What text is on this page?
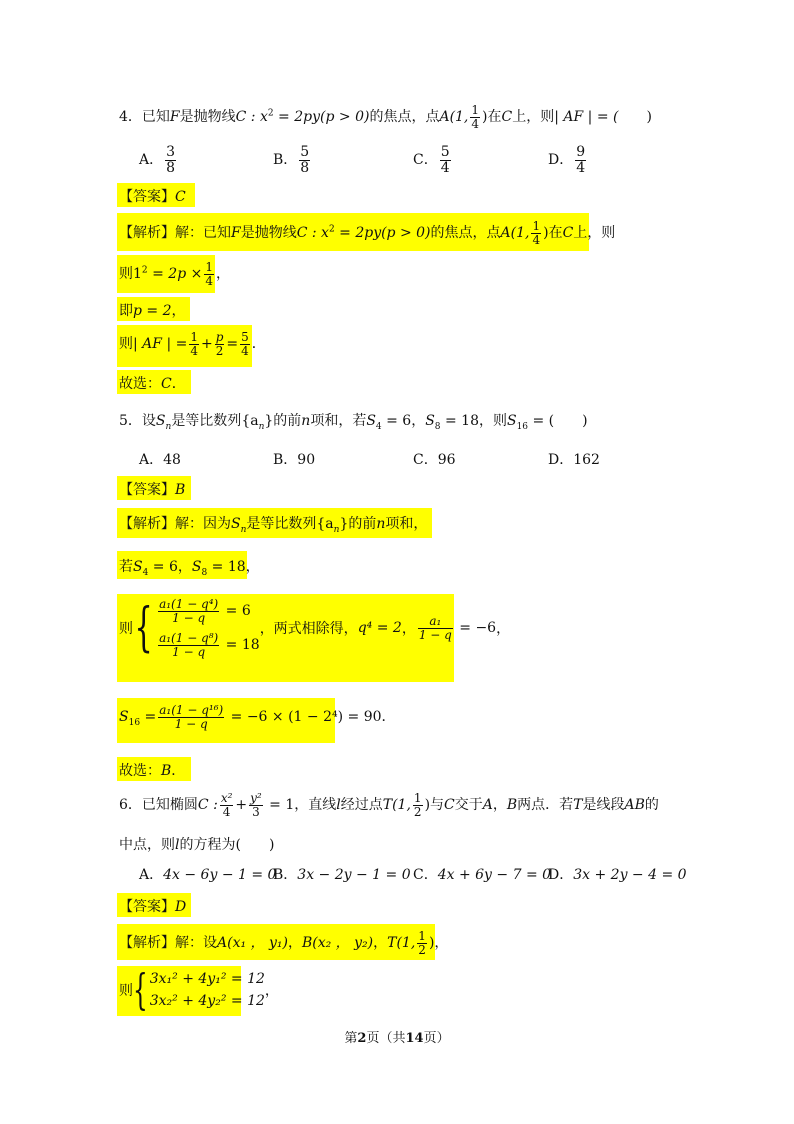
4．已知F是抛物线C : $x^2 = 2py(p > 0)$的焦点，点A(1, $\frac{1}{4}$ )在C上，则| AF | = (　　)
A． $\frac{3}{8}$	B． $\frac{5}{8}$	C． $\frac{5}{4}$	D． $\frac{9}{4}$
【答案】C
【解析】解：已知F是抛物线C : $x^2 = 2py(p > 0)$的焦点，点A(1, $\frac{1}{4}$ )在C上，则
则$1^2 = 2p \times \frac{1}{4}$ ，
即p = 2，
则| AF | = $\frac{1}{4} + \frac{p}{2} = \frac{5}{4}$ ．
故选：C．
5．设$S_n$是等比数列$\{a_n\}$的前n项和，若$S_4 = 6$，$S_8 = 18$，则$S_{16}$ = (　　)
A．48	B．90	C．96	D．162
【答案】B
【解析】解：因为$S_n$是等比数列$\{a_n\}$的前n项和，
若$S_4 = 6$，$S_8 = 18$，
则{ $\frac{\text{a₁(1 − q⁴)}}{1 - q} = 6$
$\frac{\text{a₁(1 − q⁸)}}{1 - q} = 18$
，两式相除得，q⁴ = 2， $\frac{\text{a₁}}{1 - q} = -6$，
$S_{16} = \frac{\text{a₁(1 − q¹⁶)}}{1 - q} = -6 \times (1 - 2^4) = 90$．
故选：B．
6．已知椭圆C : $\frac{\text{x²}}{4} + \frac{\text{y²}}{3} = 1$，直线l经过点T(1, $\frac{1}{2}$ )与C交于A，B两点．若T是线段AB的
中点，则l的方程为(　　)
A．4x − 6y − 1 = 0
B．3x − 2y − 1 = 0 C．4x + 6y − 7 = 0
D．3x + 2y − 4 = 0
【答案】D
【解析】解：设A(x₁ ， y₁)，B(x₂ ， y₂)，T(1, $\frac{1}{2}$ )，
则{ 3x₁² + 4y₁² = 12
3x₂² + 4y₂² = 12
，
第2页（共14页）
